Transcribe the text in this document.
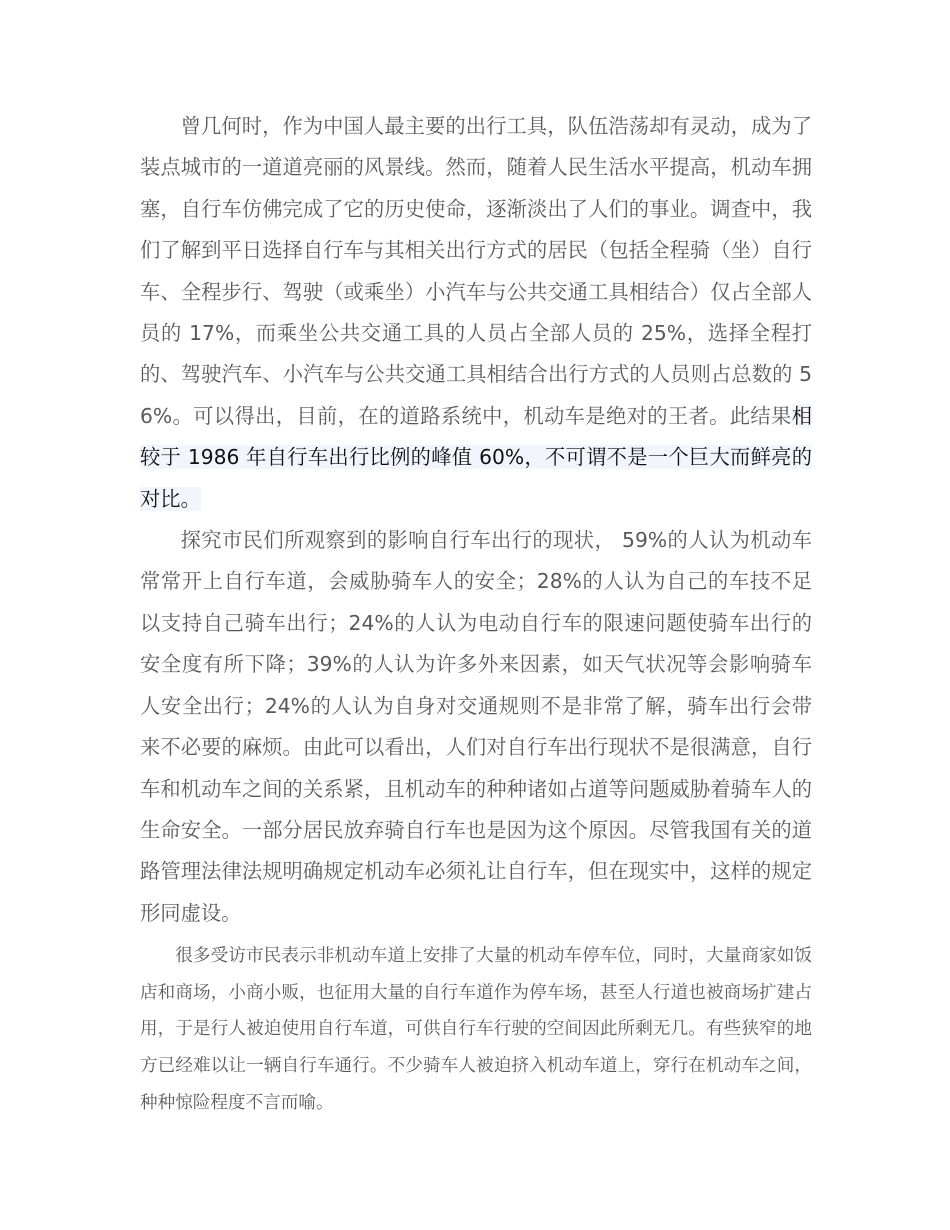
曾几何时，作为中国人最主要的出行工具，队伍浩荡却有灵动，成为了装点城市的一道道亮丽的风景线。然而，随着人民生活水平提高，机动车拥塞，自行车仿佛完成了它的历史使命，逐渐淡出了人们的事业。调查中，我们了解到平日选择自行车与其相关出行方式的居民（包括全程骑（坐）自行车、全程步行、驾驶（或乘坐）小汽车与公共交通工具相结合）仅占全部人员的 17%，而乘坐公共交通工具的人员占全部人员的 25%，选择全程打的、驾驶汽车、小汽车与公共交通工具相结合出行方式的人员则占总数的 56%。可以得出，目前，在的道路系统中，机动车是绝对的王者。此结果相较于 1986 年自行车出行比例的峰值 60%，不可谓不是一个巨大而鲜亮的对比。

探究市民们所观察到的影响自行车出行的现状， 59%的人认为机动车常常开上自行车道，会威胁骑车人的安全；28%的人认为自己的车技不足以支持自己骑车出行；24%的人认为电动自行车的限速问题使骑车出行的安全度有所下降；39%的人认为许多外来因素，如天气状况等会影响骑车人安全出行；24%的人认为自身对交通规则不是非常了解，骑车出行会带来不必要的麻烦。由此可以看出，人们对自行车出行现状不是很满意，自行车和机动车之间的关系紧，且机动车的种种诸如占道等问题威胁着骑车人的生命安全。一部分居民放弃骑自行车也是因为这个原因。尽管我国有关的道路管理法律法规明确规定机动车必须礼让自行车，但在现实中，这样的规定形同虚设。

很多受访市民表示非机动车道上安排了大量的机动车停车位，同时，大量商家如饭店和商场，小商小贩，也征用大量的自行车道作为停车场，甚至人行道也被商场扩建占用，于是行人被迫使用自行车道，可供自行车行驶的空间因此所剩无几。有些狭窄的地方已经难以让一辆自行车通行。不少骑车人被迫挤入机动车道上，穿行在机动车之间，种种惊险程度不言而喻。
